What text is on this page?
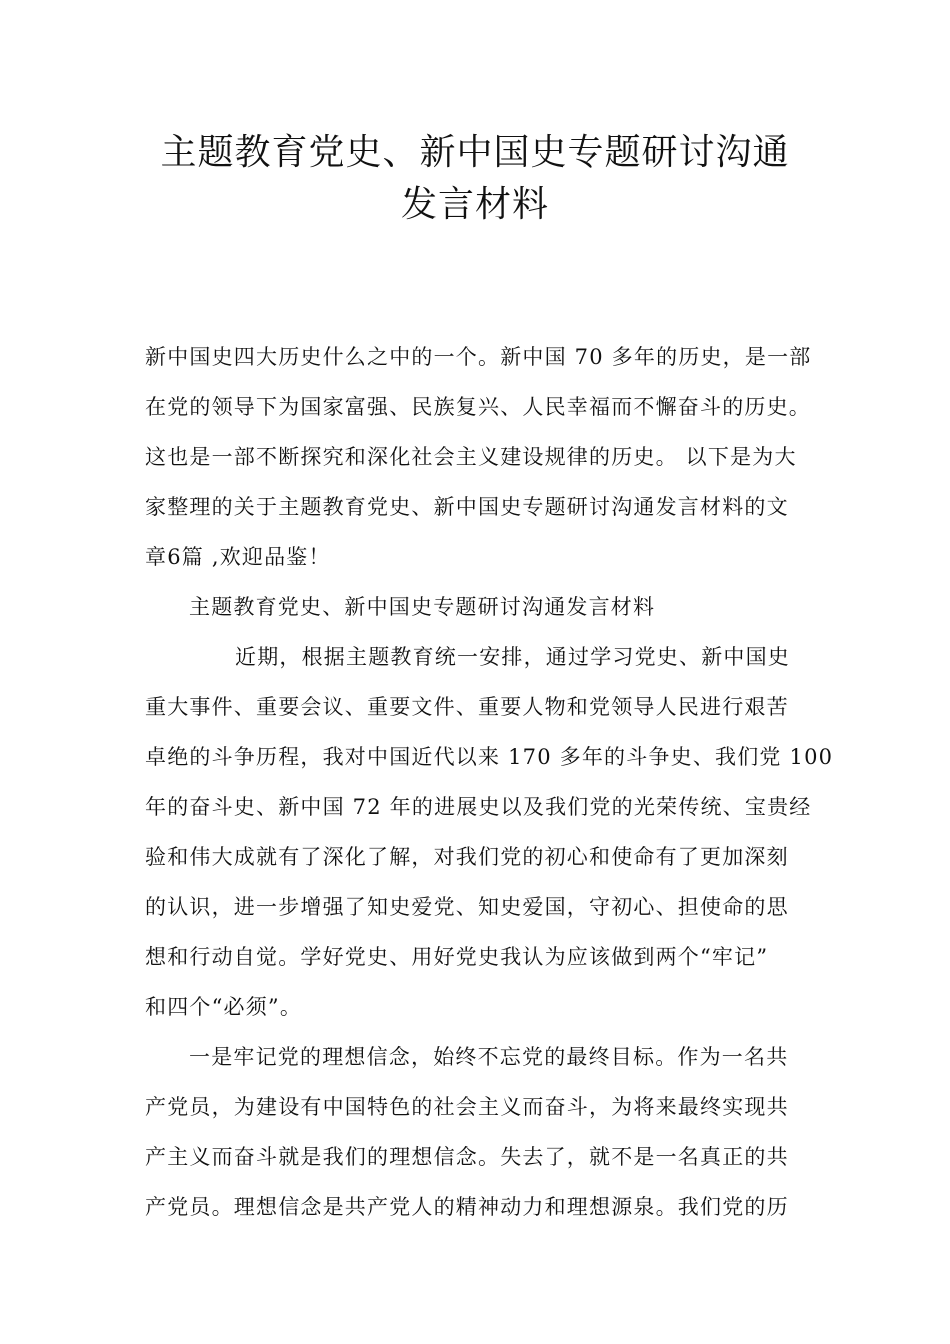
主题教育党史、新中国史专题研讨沟通
发言材料
新中国史四大历史什么之中的一个。新中国 70 多年的历史，是一部
在党的领导下为国家富强、民族复兴、人民幸福而不懈奋斗的历史。
这也是一部不断探究和深化社会主义建设规律的历史。 以下是为大
家整理的关于主题教育党史、新中国史专题研讨沟通发言材料的文
章6篇 ,欢迎品鉴！
主题教育党史、新中国史专题研讨沟通发言材料
近期，根据主题教育统一安排，通过学习党史、新中国史
重大事件、重要会议、重要文件、重要人物和党领导人民进行艰苦
卓绝的斗争历程，我对中国近代以来 170 多年的斗争史、我们党 100
年的奋斗史、新中国 72 年的进展史以及我们党的光荣传统、宝贵经
验和伟大成就有了深化了解，对我们党的初心和使命有了更加深刻
的认识，进一步增强了知史爱党、知史爱国，守初心、担使命的思
想和行动自觉。学好党史、用好党史我认为应该做到两个“牢记”
和四个“必须”。
一是牢记党的理想信念，始终不忘党的最终目标。作为一名共
产党员，为建设有中国特色的社会主义而奋斗，为将来最终实现共
产主义而奋斗就是我们的理想信念。失去了，就不是一名真正的共
产党员。理想信念是共产党人的精神动力和理想源泉。我们党的历
